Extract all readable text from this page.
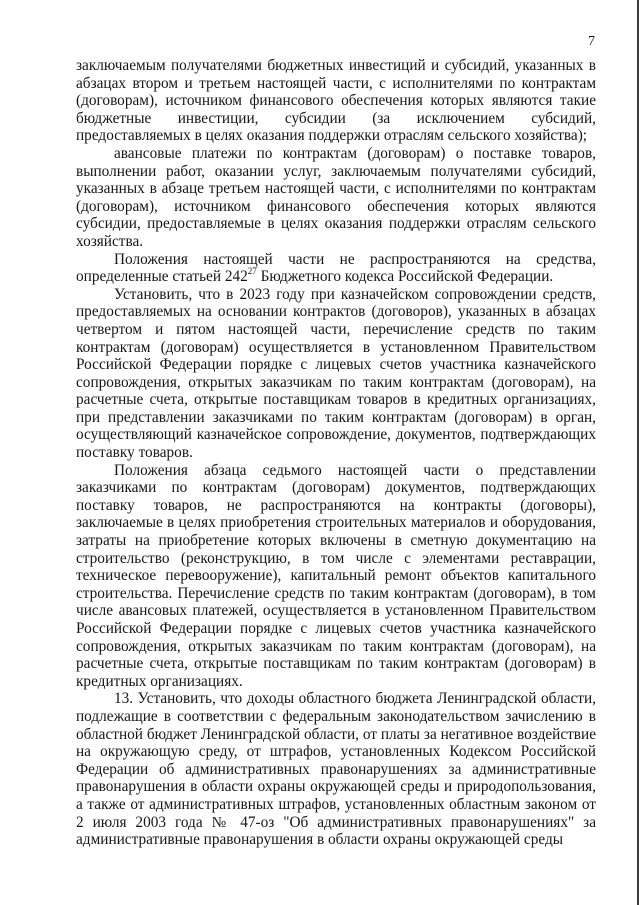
7

заключаемым получателями бюджетных инвестиций и субсидий, указанных в абзацах втором и третьем настоящей части, с исполнителями по контрактам (договорам), источником финансового обеспечения которых являются такие бюджетные инвестиции, субсидии (за исключением субсидий, предоставляемых в целях оказания поддержки отраслям сельского хозяйства);

авансовые платежи по контрактам (договорам) о поставке товаров, выполнении работ, оказании услуг, заключаемым получателями субсидий, указанных в абзаце третьем настоящей части, с исполнителями по контрактам (договорам), источником финансового обеспечения которых являются субсидии, предоставляемые в целях оказания поддержки отраслям сельского хозяйства.

Положения настоящей части не распространяются на средства, определенные статьей $242^{27}$ Бюджетного кодекса Российской Федерации.

Установить, что в 2023 году при казначейском сопровождении средств, предоставляемых на основании контрактов (договоров), указанных в абзацах четвертом и пятом настоящей части, перечисление средств по таким контрактам (договорам) осуществляется в установленном Правительством Российской Федерации порядке с лицевых счетов участника казначейского сопровождения, открытых заказчикам по таким контрактам (договорам), на расчетные счета, открытые поставщикам товаров в кредитных организациях, при представлении заказчиками по таким контрактам (договорам) в орган, осуществляющий казначейское сопровождение, документов, подтверждающих поставку товаров.

Положения абзаца седьмого настоящей части о представлении заказчиками по контрактам (договорам) документов, подтверждающих поставку товаров, не распространяются на контракты (договоры), заключаемые в целях приобретения строительных материалов и оборудования, затраты на приобретение которых включены в сметную документацию на строительство (реконструкцию, в том числе с элементами реставрации, техническое перевооружение), капитальный ремонт объектов капитального строительства. Перечисление средств по таким контрактам (договорам), в том числе авансовых платежей, осуществляется в установленном Правительством Российской Федерации порядке с лицевых счетов участника казначейского сопровождения, открытых заказчикам по таким контрактам (договорам), на расчетные счета, открытые поставщикам по таким контрактам (договорам) в кредитных организациях.

13. Установить, что доходы областного бюджета Ленинградской области, подлежащие в соответствии с федеральным законодательством зачислению в областной бюджет Ленинградской области, от платы за негативное воздействие на окружающую среду, от штрафов, установленных Кодексом Российской Федерации об административных правонарушениях за административные правонарушения в области охраны окружающей среды и природопользования, а также от административных штрафов, установленных областным законом от 2 июля 2003 года № 47-оз "Об административных правонарушениях" за административные правонарушения в области охраны окружающей среды
